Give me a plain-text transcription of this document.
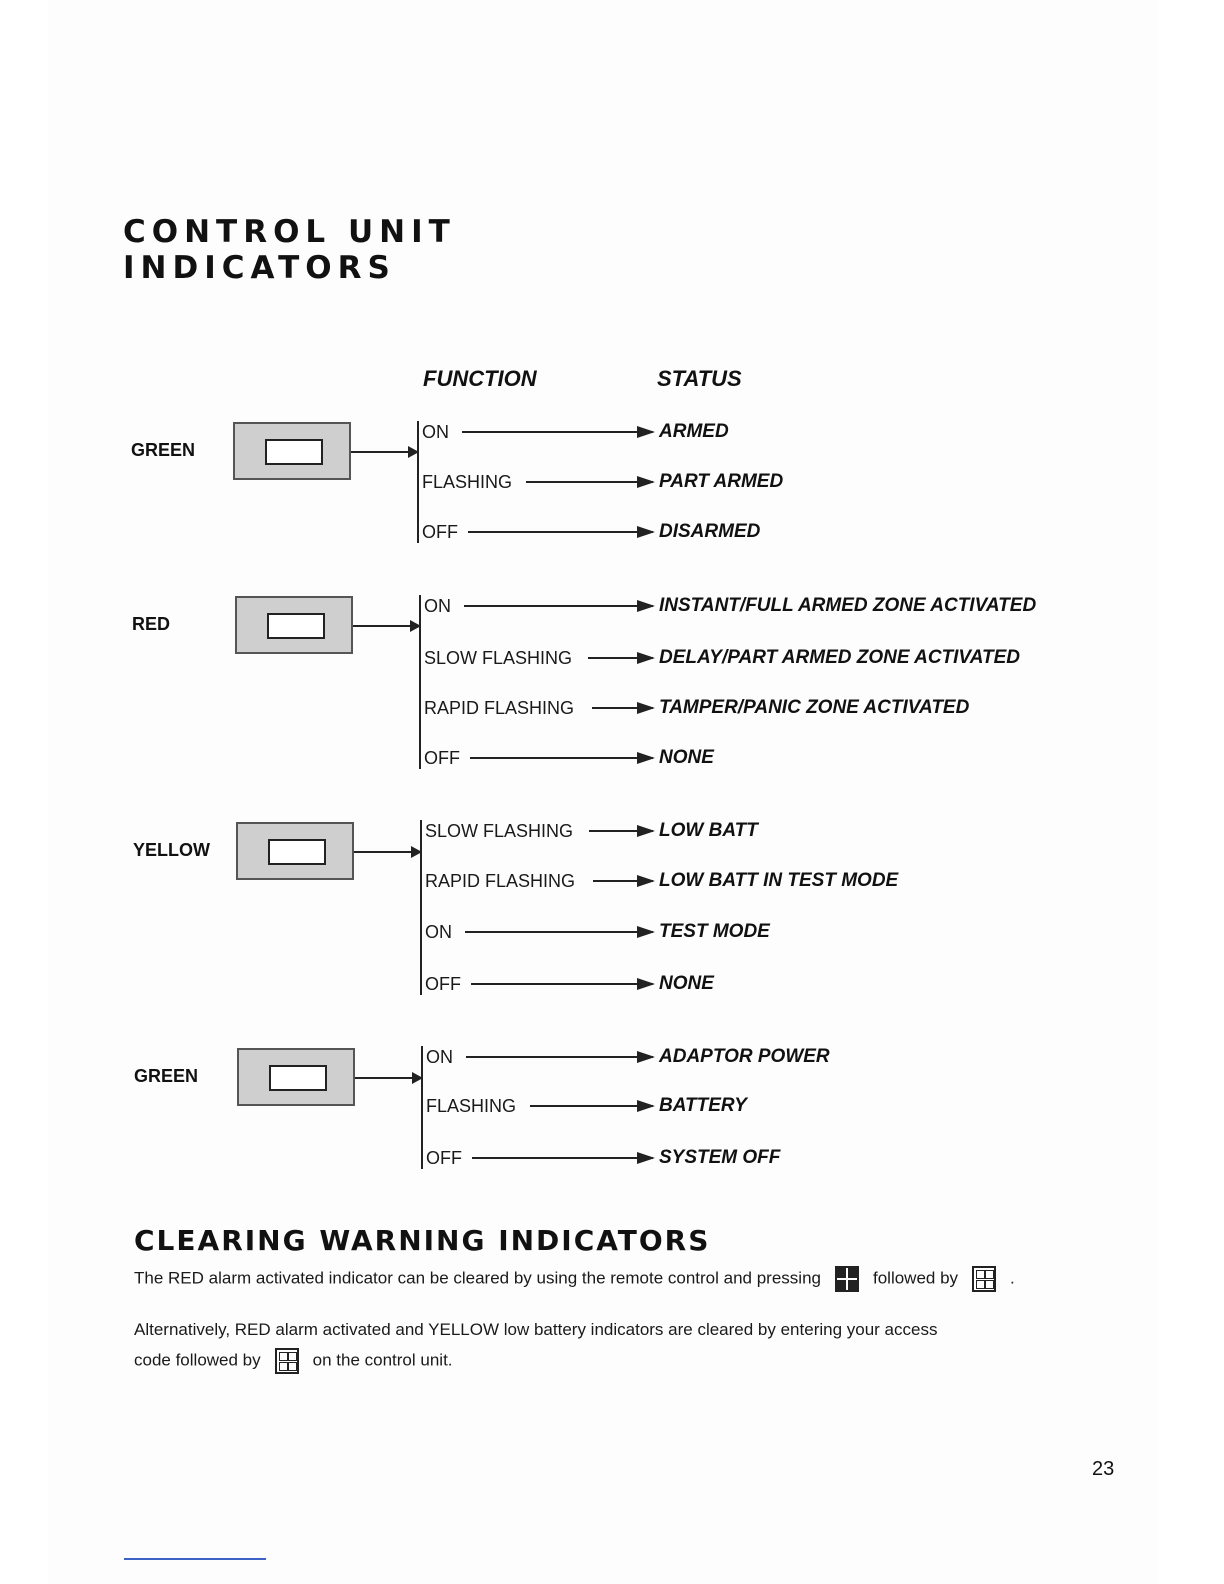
CONTROL UNIT
INDICATORS
FUNCTION	STATUS
GREEN
ON	ARMED
FLASHING	PART ARMED
OFF	DISARMED
RED
ON	INSTANT/FULL ARMED ZONE ACTIVATED
SLOW FLASHING	DELAY/PART ARMED ZONE ACTIVATED
RAPID FLASHING	TAMPER/PANIC ZONE ACTIVATED
OFF	NONE
YELLOW
SLOW FLASHING	LOW BATT
RAPID FLASHING	LOW BATT IN TEST MODE
ON	TEST MODE
OFF	NONE
GREEN
ON	ADAPTOR POWER
FLASHING	BATTERY
OFF	SYSTEM OFF
CLEARING WARNING INDICATORS
The RED alarm activated indicator can be cleared by using the remote control and pressing	followed by	.
Alternatively, RED alarm activated and YELLOW low battery indicators are cleared by entering your access
code followed by	on the control unit.
23
